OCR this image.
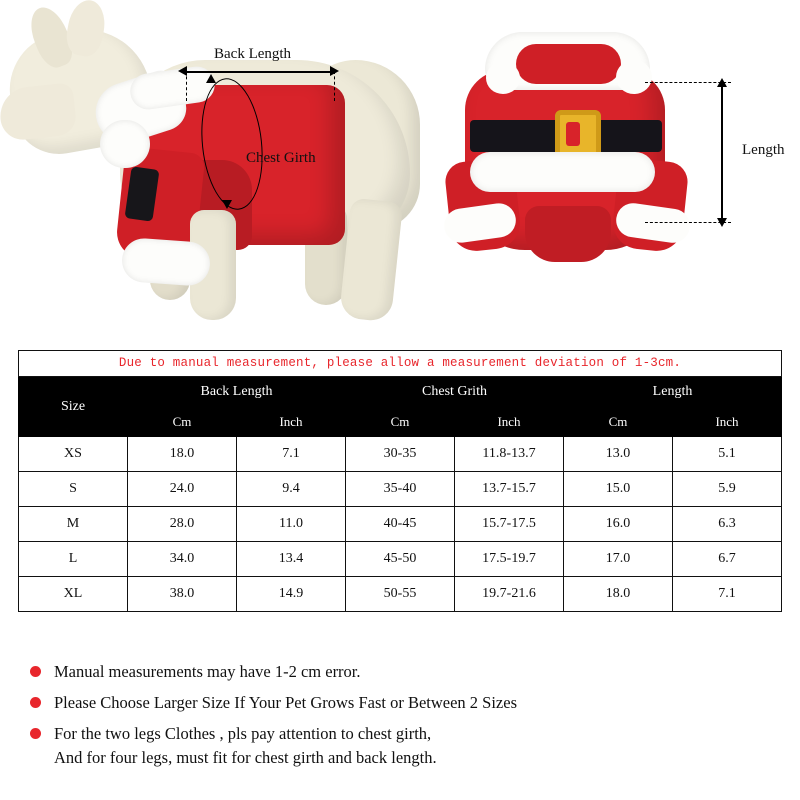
Back Length
Chest Girth	Length
Due to manual measurement, please allow a measurement deviation of 1-3cm.						
Size	Back Length		Chest Grith		Length	
	Cm	Inch	Cm	Inch	Cm	Inch
XS	18.0	7.1	30-35	11.8-13.7	13.0	5.1
S	24.0	9.4	35-40	13.7-15.7	15.0	5.9
M	28.0	11.0	40-45	15.7-17.5	16.0	6.3
L	34.0	13.4	45-50	17.5-19.7	17.0	6.7
XL	38.0	14.9	50-55	19.7-21.6	18.0	7.1
Manual measurements may have 1-2 cm error.
Please Choose Larger Size If Your Pet Grows Fast or Between 2 Sizes
For the two legs Clothes , pls pay attention to chest girth,
And for four legs, must fit for chest girth and back length.
